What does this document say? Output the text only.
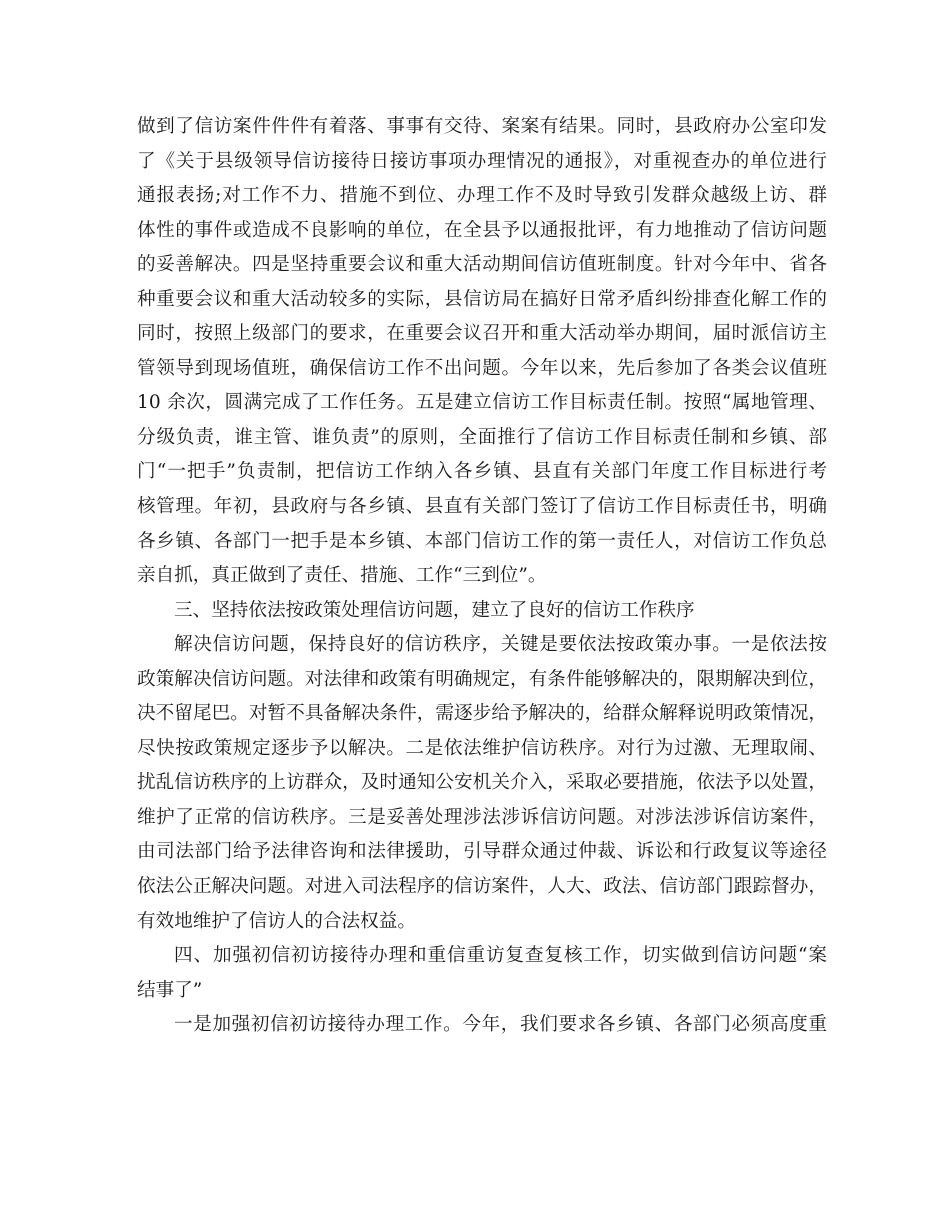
做到了信访案件件件有着落、事事有交待、案案有结果。同时，县政府办公室印发
了《关于县级领导信访接待日接访事项办理情况的通报》，对重视查办的单位进行
通报表扬;对工作不力、措施不到位、办理工作不及时导致引发群众越级上访、群
体性的事件或造成不良影响的单位，在全县予以通报批评，有力地推动了信访问题
的妥善解决。四是坚持重要会议和重大活动期间信访值班制度。针对今年中、省各
种重要会议和重大活动较多的实际，县信访局在搞好日常矛盾纠纷排查化解工作的
同时，按照上级部门的要求，在重要会议召开和重大活动举办期间，届时派信访主
管领导到现场值班，确保信访工作不出问题。今年以来，先后参加了各类会议值班
10 余次，圆满完成了工作任务。五是建立信访工作目标责任制。按照“属地管理、
分级负责，谁主管、谁负责”的原则，全面推行了信访工作目标责任制和乡镇、部
门“一把手”负责制，把信访工作纳入各乡镇、县直有关部门年度工作目标进行考
核管理。年初，县政府与各乡镇、县直有关部门签订了信访工作目标责任书，明确
各乡镇、各部门一把手是本乡镇、本部门信访工作的第一责任人，对信访工作负总
亲自抓，真正做到了责任、措施、工作“三到位”。
三、坚持依法按政策处理信访问题，建立了良好的信访工作秩序
解决信访问题，保持良好的信访秩序，关键是要依法按政策办事。一是依法按
政策解决信访问题。对法律和政策有明确规定，有条件能够解决的，限期解决到位，
决不留尾巴。对暂不具备解决条件，需逐步给予解决的，给群众解释说明政策情况，
尽快按政策规定逐步予以解决。二是依法维护信访秩序。对行为过激、无理取闹、
扰乱信访秩序的上访群众，及时通知公安机关介入，采取必要措施，依法予以处置，
维护了正常的信访秩序。三是妥善处理涉法涉诉信访问题。对涉法涉诉信访案件，
由司法部门给予法律咨询和法律援助，引导群众通过仲裁、诉讼和行政复议等途径
依法公正解决问题。对进入司法程序的信访案件，人大、政法、信访部门跟踪督办，
有效地维护了信访人的合法权益。
四、加强初信初访接待办理和重信重访复查复核工作，切实做到信访问题“案
结事了”
一是加强初信初访接待办理工作。今年，我们要求各乡镇、各部门必须高度重
